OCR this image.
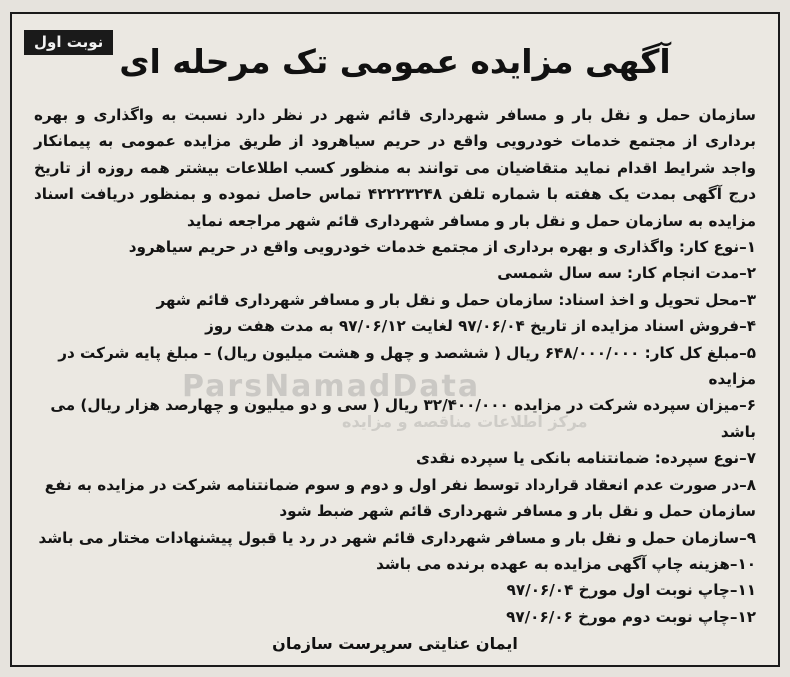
ParsNamadData
مرکز اطلاعات مناقصه و مزایده
نوبت اول آگهی مزایده عمومی تک مرحله ای

سازمان حمل و نقل بار و مسافر شهرداری قائم شهر در نظر دارد نسبت به واگذاری و بهره برداری از مجتمع خدمات خودرویی واقع در حریم سیاهرود از طریق مزایده عمومی به پیمانکار واجد شرایط اقدام نماید متقاضیان می توانند به منظور کسب اطلاعات بیشتر همه روزه از تاریخ درج آگهی بمدت یک هفته با شماره تلفن ۴۲۲۲۳۲۴۸ تماس حاصل نموده و بمنظور دریافت اسناد مزایده به سازمان حمل و نقل بار و مسافر شهرداری قائم شهر مراجعه نماید

۱–نوع کار: واگذاری و بهره برداری از مجتمع خدمات خودرویی واقع در حریم سیاهرود

۲–مدت انجام کار: سه سال شمسی

۳–محل تحویل و اخذ اسناد: سازمان حمل و نقل بار و مسافر شهرداری قائم شهر

۴–فروش اسناد مزایده از تاریخ ۹۷/۰۶/۰۴ لغایت ۹۷/۰۶/۱۲ به مدت هفت روز

۵–مبلغ کل کار: ۶۴۸/۰۰۰/۰۰۰ ریال ( ششصد و چهل و هشت میلیون ریال) – مبلغ پایه شرکت در مزایده

۶–میزان سپرده شرکت در مزایده ۳۲/۴۰۰/۰۰۰ ریال ( سی و دو میلیون و چهارصد هزار ریال) می باشد

۷–نوع سپرده: ضمانتنامه بانکی یا سپرده نقدی

۸–در صورت عدم انعقاد قرارداد توسط نفر اول و دوم و سوم ضمانتنامه شرکت در مزایده به نفع سازمان حمل و نقل بار و مسافر شهرداری قائم شهر ضبط شود

۹–سازمان حمل و نقل بار و مسافر شهرداری قائم شهر در رد یا قبول پیشنهادات مختار می باشد

۱۰–هزینه چاپ آگهی مزایده به عهده برنده می باشد

۱۱–چاپ نوبت اول مورخ ۹۷/۰۶/۰۴

۱۲–چاپ نوبت دوم مورخ ۹۷/۰۶/۰۶

ایمان عنایتی سرپرست سازمان
